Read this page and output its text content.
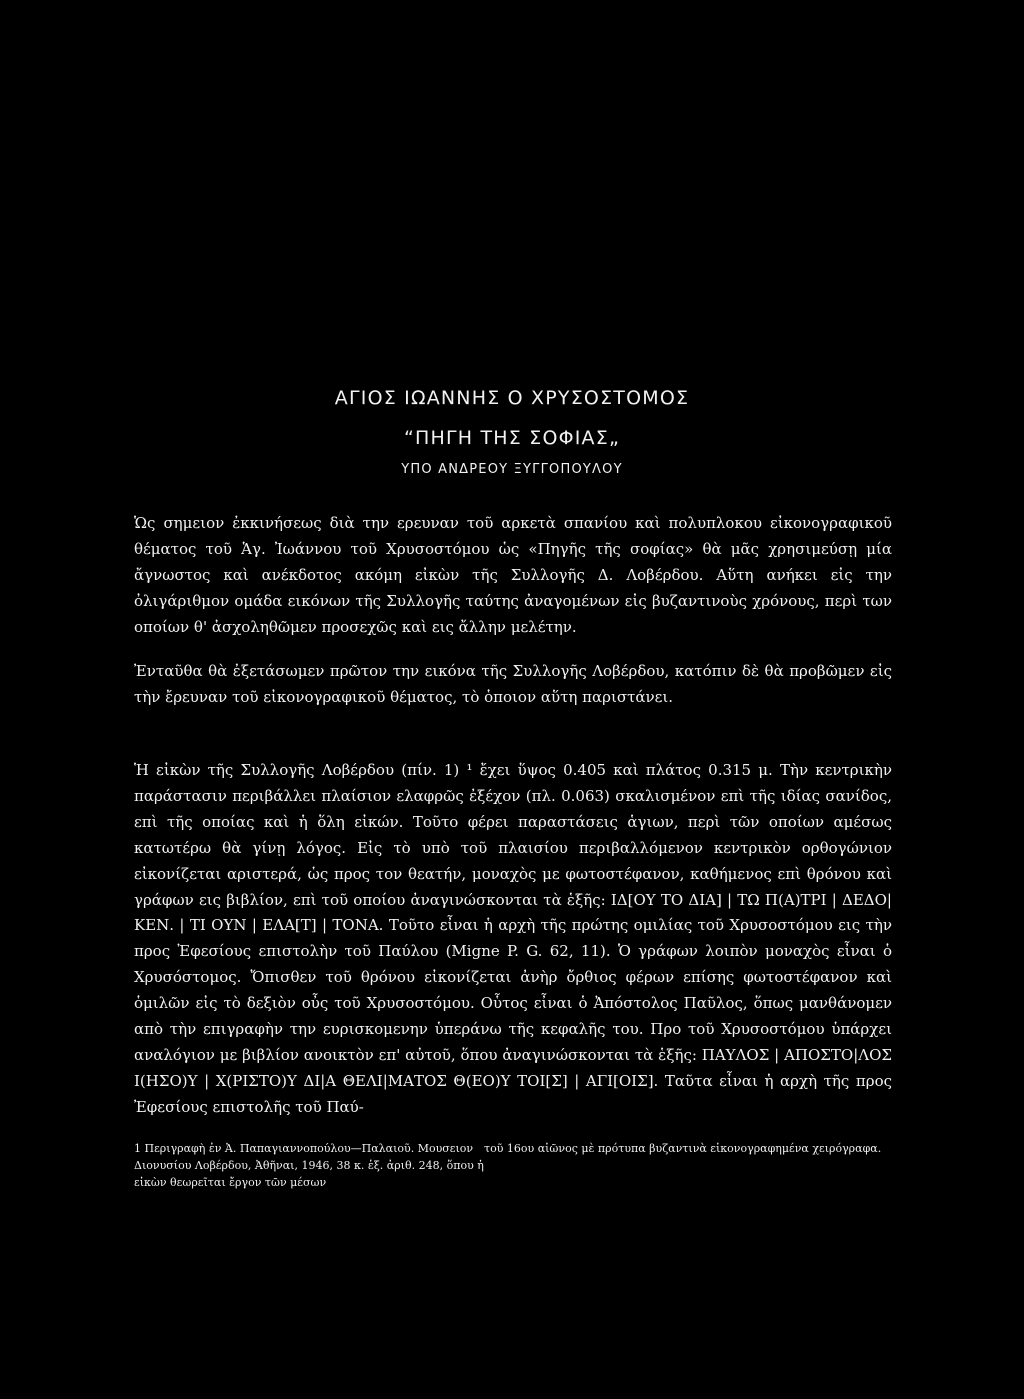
ΑΓΙΟΣ ΙΩΑΝΝΗΣ Ο ΧΡΥΣΟΣΤΟΜΟΣ
“ΠΗΓΗ ΤΗΣ ΣΟΦΙΑΣ„
ΥΠΟ ΑΝΔΡΕΟΥ ΞΥΓΓΟΠΟΥΛΟΥ

Ὡς σημειον ἐκκινήσεως διὰ την ερευναν τοῦ αρκετὰ σπανίου καὶ πολυπλοκου εἰκονογραφικοῦ θέματος τοῦ Ἁγ. Ἰωάννου τοῦ Χρυσοστόμου ὡς «Πηγῆς τῆς σοφίας» θὰ μᾶς χρησιμεύσῃ μία ἄγνωστος καὶ ανέκδοτος ακόμη εἰκὼν τῆς Συλλογῆς Δ. Λοβέρδου. Αὕτη ανήκει εἰς την ὀλιγάριθμον ομάδα εικόνων τῆς Συλλογῆς ταύτης ἀναγομένων εἰς βυζαντινοὺς χρόνους, περὶ των οποίων θ' ἀσχοληθῶμεν προσεχῶς καὶ εις ἄλλην μελέτην.

Ἐνταῦθα θὰ ἐξετάσωμεν πρῶτον την εικόνα τῆς Συλλογῆς Λοβέρδου, κατόπιν δὲ θὰ προβῶμεν εἰς τὴν ἔρευναν τοῦ εἰκονογραφικοῦ θέματος, τὸ ὁποιον αὕτη παριστάνει.

Ἡ εἰκὼν τῆς Συλλογῆς Λοβέρδου (πίν. 1) ¹ ἔχει ὕψος 0.405 καὶ πλάτος 0.315 μ. Τὴν κεντρικὴν παράστασιν περιβάλλει πλαίσιον ελαφρῶς ἐξέχον (πλ. 0.063) σκαλισμένον επὶ τῆς ιδίας σανίδος, επὶ τῆς οποίας καὶ ἡ ὅλη εἰκών. Τοῦτο φέρει παραστάσεις ἁγιων, περὶ τῶν οποίων αμέσως κατωτέρω θὰ γίνῃ λόγος. Εἰς τὸ υπὸ τοῦ πλαισίου περιβαλλόμενον κεντρικὸν ορθογώνιον εἰκονίζεται αριστερά, ὡς προς τον θεατήν, μοναχὸς με φωτοστέφανον, καθήμενος επὶ θρόνου καὶ γράφων εις βιβλίον, επὶ τοῦ οποίου ἀναγινώσκονται τὰ ἑξῆς: ΙΔ[ΟΥ ΤΟ ΔΙΑ] | ΤΩ Π(Α)ΤΡΙ | ΔΕΔΟ|ΚΕΝ. | ΤΙ ΟΥΝ | ΕΛΑ[Τ] | ΤΟΝΑ. Τοῦτο εἶναι ἡ αρχὴ τῆς πρώτης ομιλίας τοῦ Χρυσοστόμου εις τὴν προς Ἐφεσίους επιστολὴν τοῦ Παύλου (Migne P. G. 62, 11). Ὁ γράφων λοιπὸν μοναχὸς εἶναι ὁ Χρυσόστομος. Ὄπισθεν τοῦ θρόνου εἰκονίζεται ἀνὴρ ὄρθιος φέρων επίσης φωτοστέφανον καὶ ὁμιλῶν εἰς τὸ δεξιὸν οὖς τοῦ Χρυσοστόμου. Οὗτος εἶναι ὁ Ἀπόστολος Παῦλος, ὅπως μανθάνομεν απὸ τὴν επιγραφὴν την ευρισκομενην ὑπεράνω τῆς κεφαλῆς του. Προ τοῦ Χρυσοστόμου ὑπάρχει αναλόγιον με βιβλίον ανοικτὸν επ' αὐτοῦ, ὅπου ἀναγινώσκονται τὰ ἑξῆς: ΠΑΥΛΟΣ | ΑΠΟΣΤΟ|ΛΟΣ Ι(ΗΣΟ)Υ | Χ(ΡΙΣΤΟ)Υ ΔΙ|Α ΘΕΛΙ|ΜΑΤΟΣ Θ(ΕΟ)Υ ΤΟΙ[Σ] | ΑΓΙ[ΟΙΣ]. Ταῦτα εἶναι ἡ αρχὴ τῆς προς Ἐφεσίους επιστολῆς τοῦ Παύ-

1 Περιγραφὴ ἐν Ἀ. Παπαγιαννοπούλου—Παλαιοῦ. Μουσειον Διονυσίου Λοβέρδου, Ἀθῆναι, 1946, 38 κ. ἑξ. ἀριθ. 248, ὅπου ἡ εἰκὼν θεωρεῖται ἔργον τῶν μέσων
τοῦ 16ου αἰῶνος μὲ πρότυπα βυζαντινὰ εἰκονογραφημένα χειρόγραφα.
